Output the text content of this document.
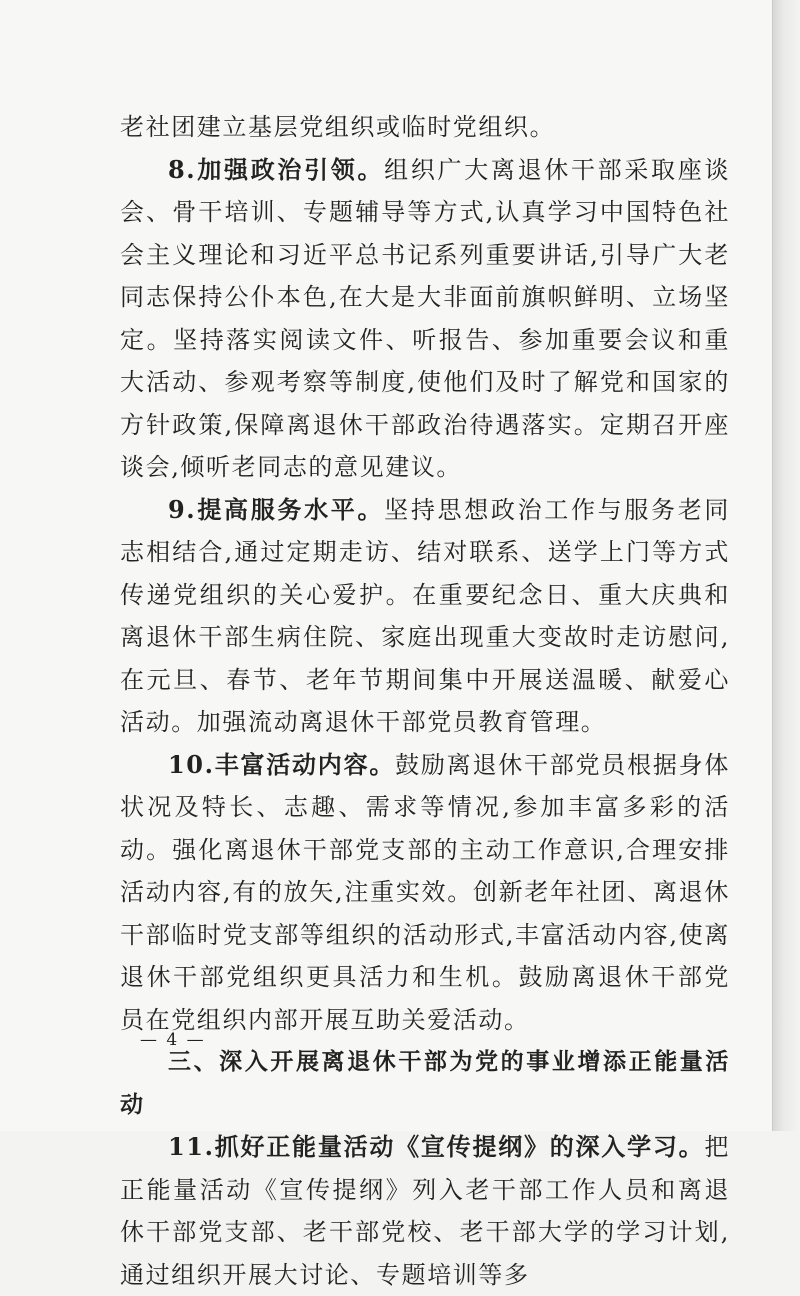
老社团建立基层党组织或临时党组织。

8.加强政治引领。组织广大离退休干部采取座谈会、骨干培训、专题辅导等方式,认真学习中国特色社会主义理论和习近平总书记系列重要讲话,引导广大老同志保持公仆本色,在大是大非面前旗帜鲜明、立场坚定。坚持落实阅读文件、听报告、参加重要会议和重大活动、参观考察等制度,使他们及时了解党和国家的方针政策,保障离退休干部政治待遇落实。定期召开座谈会,倾听老同志的意见建议。

9.提高服务水平。坚持思想政治工作与服务老同志相结合,通过定期走访、结对联系、送学上门等方式传递党组织的关心爱护。在重要纪念日、重大庆典和离退休干部生病住院、家庭出现重大变故时走访慰问,在元旦、春节、老年节期间集中开展送温暖、献爱心活动。加强流动离退休干部党员教育管理。

10.丰富活动内容。鼓励离退休干部党员根据身体状况及特长、志趣、需求等情况,参加丰富多彩的活动。强化离退休干部党支部的主动工作意识,合理安排活动内容,有的放矢,注重实效。创新老年社团、离退休干部临时党支部等组织的活动形式,丰富活动内容,使离退休干部党组织更具活力和生机。鼓励离退休干部党员在党组织内部开展互助关爱活动。

三、深入开展离退休干部为党的事业增添正能量活动

11.抓好正能量活动《宣传提纲》的深入学习。把正能量活动《宣传提纲》列入老干部工作人员和离退休干部党支部、老干部党校、老干部大学的学习计划,通过组织开展大讨论、专题培训等多

— 4 —
